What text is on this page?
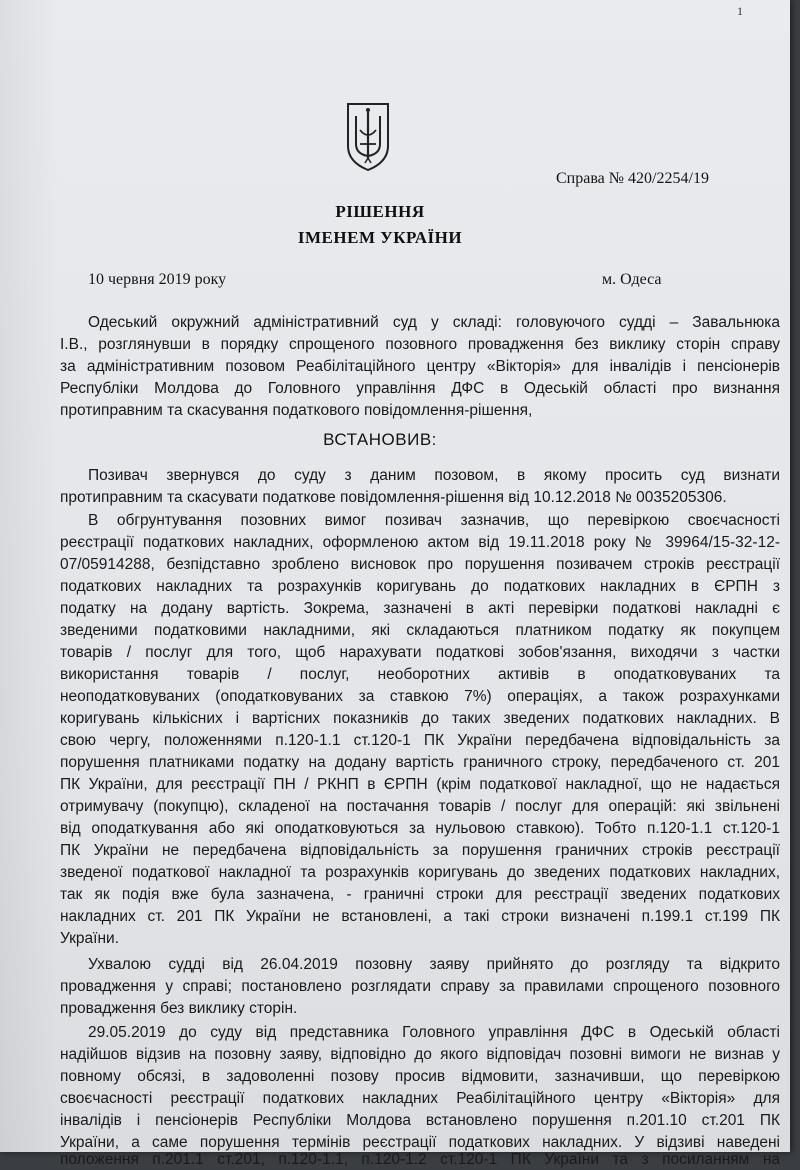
1
Справа № 420/2254/19
РІШЕННЯ
ІМЕНЕМ УКРАЇНИ
10 червня 2019 року	м. Одеса
Одеський окружний адміністративний суд у складі: головуючого судді – Завальнюка
І.В., розглянувши в порядку спрощеного позовного провадження без виклику сторін справу
за адміністративним позовом Реабілітаційного центру «Вікторія» для інвалідів і пенсіонерів
Республіки Молдова до Головного управління ДФС в Одеській області про визнання
протиправним та скасування податкового повідомлення-рішення,
ВСТАНОВИВ:
Позивач звернувся до суду з даним позовом, в якому просить суд визнати
протиправним та скасувати податкове повідомлення-рішення від 10.12.2018 № 0035205306.
В обгрунтування позовних вимог позивач зазначив, що перевіркою своєчасності
реєстрації податкових накладних, оформленою актом від 19.11.2018 року № 39964/15-32-12-
07/05914288, безпідставно зроблено висновок про порушення позивачем строків реєстрації
податкових накладних та розрахунків коригувань до податкових накладних в ЄРПН з
податку на додану вартість. Зокрема, зазначені в акті перевірки податкові накладні є
зведеними податковими накладними, які складаються платником податку як покупцем
товарів / послуг для того, щоб нарахувати податкові зобов'язання, виходячи з частки
використання товарів / послуг, необоротних активів в оподатковуваних та
неоподатковуваних (оподатковуваних за ставкою 7%) операціях, а також розрахунками
коригувань кількісних і вартісних показників до таких зведених податкових накладних. В
свою чергу, положеннями п.120-1.1 ст.120-1 ПК України передбачена відповідальність за
порушення платниками податку на додану вартість граничного строку, передбаченого ст. 201
ПК України, для реєстрації ПН / РКНП в ЄРПН (крім податкової накладної, що не надається
отримувачу (покупцю), складеної на постачання товарів / послуг для операцій: які звільнені
від оподаткування або які оподатковуються за нульовою ставкою). Тобто п.120-1.1 ст.120-1
ПК України не передбачена відповідальність за порушення граничних строків реєстрації
зведеної податкової накладної та розрахунків коригувань до зведених податкових накладних,
так як подія вже була зазначена, - граничні строки для реєстрації зведених податкових
накладних ст. 201 ПК України не встановлені, а такі строки визначені п.199.1 ст.199 ПК
України.
Ухвалою судді від 26.04.2019 позовну заяву прийнято до розгляду та відкрито
провадження у справі; постановлено розглядати справу за правилами спрощеного позовного
провадження без виклику сторін.
29.05.2019 до суду від представника Головного управління ДФС в Одеській області
надійшов відзив на позовну заяву, відповідно до якого відповідач позовні вимоги не визнав у
повному обсязі, в задоволенні позову просив відмовити, зазначивши, що перевіркою
своєчасності реєстрації податкових накладних Реабілітаційного центру «Вікторія» для
інвалідів і пенсіонерів Республіки Молдова встановлено порушення п.201.10 ст.201 ПК
України, а саме порушення термінів реєстрації податкових накладних. У відзиві наведені
положення п.201.1 ст.201, п.120-1.1, п.120-1.2 ст.120-1 ПК України та з посиланням на
